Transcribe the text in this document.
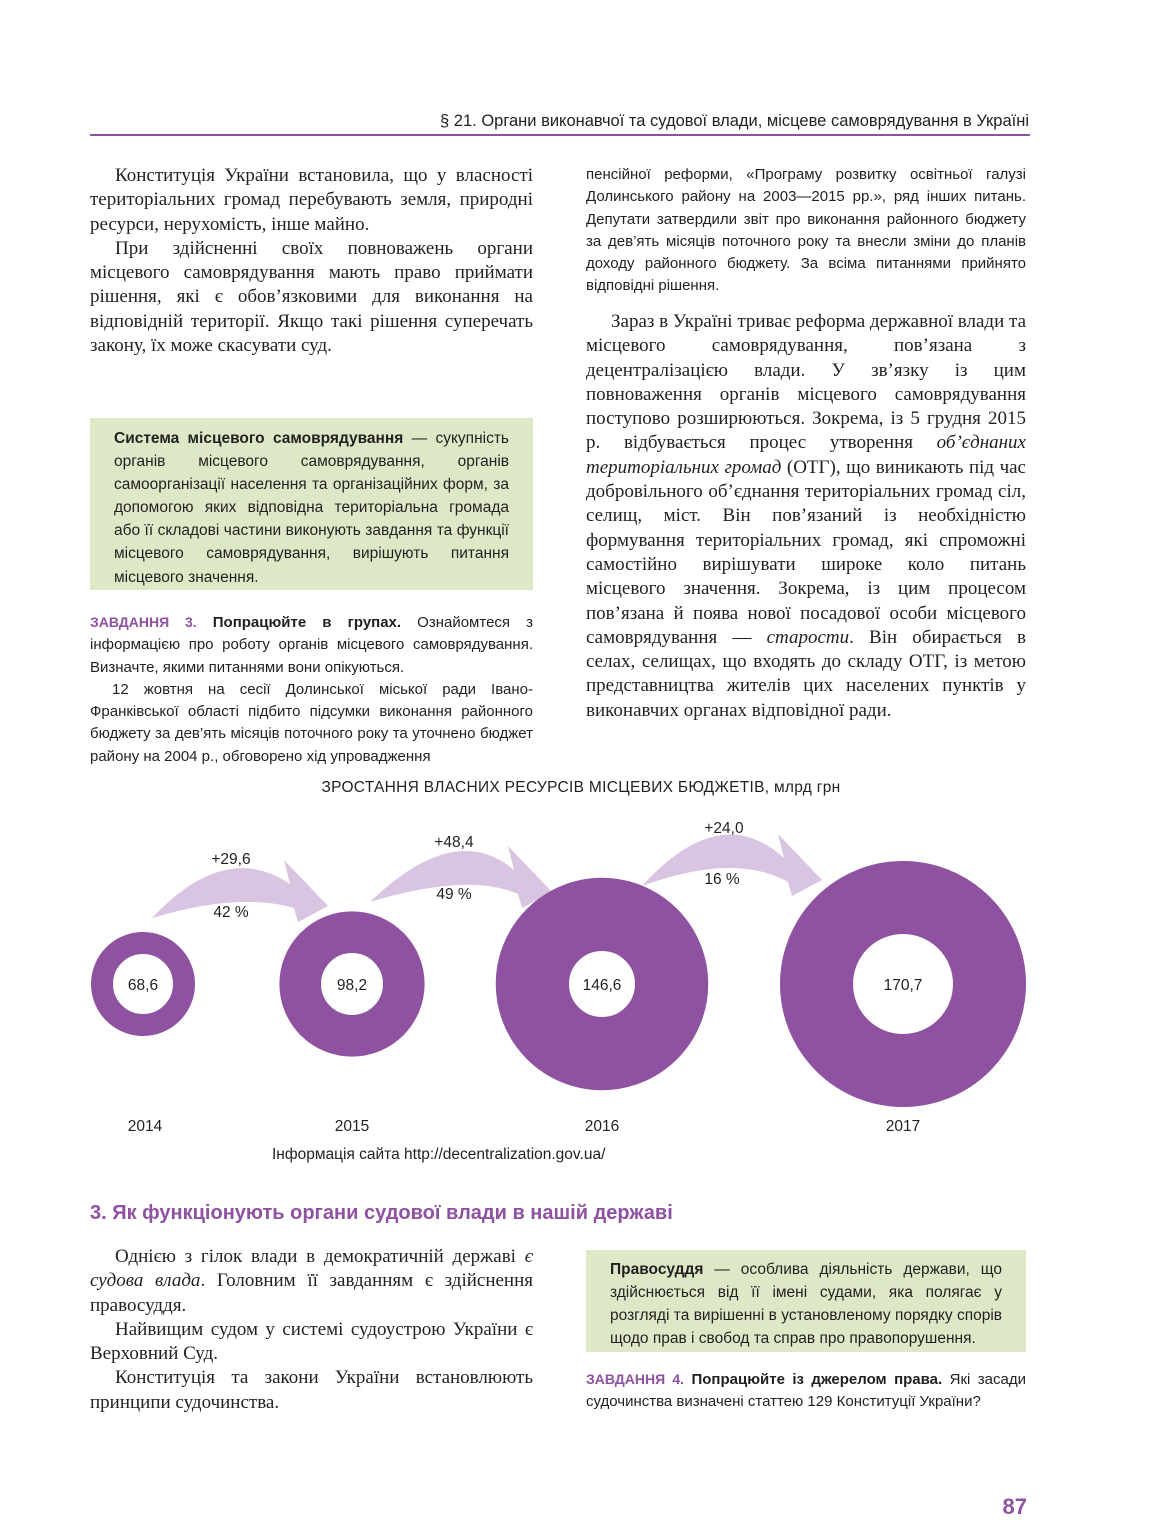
§ 21. Органи виконавчої та судової влади, місцеве самоврядування в Україні

Конституція України встановила, що у власності територіальних громад перебувають земля, природні ресурси, нерухомість, інше майно.

При здійсненні своїх повноважень органи місцевого самоврядування мають право приймати рішення, які є обов’язковими для виконання на відповідній території. Якщо такі рішення суперечать закону, їх може скасувати суд.

Система місцевого самоврядування — сукупність органів місцевого самоврядування, органів самоорганізації населення та організаційних форм, за допомогою яких відповідна територіальна громада або її складові частини виконують завдання та функції місцевого самоврядування, вирішують питання місцевого значення.

ЗАВДАННЯ 3. Попрацюйте в групах. Ознайомтеся з інформацією про роботу органів місцевого самоврядування. Визначте, якими питаннями вони опікуються.

12 жовтня на сесії Долинської міської ради Івано-Франківської області підбито підсумки виконання районного бюджету за дев’ять місяців поточного року та уточнено бюджет району на 2004 р., обговорено хід упровадження

пенсійної реформи, «Програму розвитку освітньої галузі Долинського району на 2003—2015 рр.», ряд інших питань. Депутати затвердили звіт про виконання районного бюджету за дев’ять місяців поточного року та внесли зміни до планів доходу районного бюджету. За всіма питаннями прийнято відповідні рішення.

Зараз в Україні триває реформа державної влади та місцевого самоврядування, пов’язана з децентралізацією влади. У зв’язку із цим повноваження органів місцевого самоврядування поступово розширюються. Зокрема, із 5 грудня 2015 р. відбувається процес утворення об’єднаних територіальних громад (ОТГ), що виникають під час добровільного об’єднання територіальних громад сіл, селищ, міст. Він пов’язаний із необхідністю формування територіальних громад, які спроможні самостійно вирішувати широке коло питань місцевого значення. Зокрема, із цим процесом пов’язана й поява нової посадової особи місцевого самоврядування — старости. Він обирається в селах, селищах, що входять до складу ОТГ, із метою представництва жителів цих населених пунктів у виконавчих органах відповідної ради.

ЗРОСТАННЯ ВЛАСНИХ РЕСУРСІВ МІСЦЕВИХ БЮДЖЕТІВ, млрд грн
68,6
2014
98,2
2015
146,6
2016
170,7
2017
+29,6
42 %
+48,4
49 %
+24,0
16 %
Інформація сайта http://decentralization.gov.ua/
3. Як функціонують органи судової влади в нашій державі

Однією з гілок влади в демократичній державі є судова влада. Головним її завданням є здійснення правосуддя.

Найвищим судом у системі судоустрою України є Верховний Суд.

Конституція та закони України встановлюють принципи судочинства.

Правосуддя — особлива діяльність держави, що здійснюється від її імені судами, яка полягає у розгляді та вирішенні в установленому порядку спорів щодо прав і свобод та справ про правопорушення.

ЗАВДАННЯ 4. Попрацюйте із джерелом права. Які засади судочинства визначені статтею 129 Конституції України?

87
